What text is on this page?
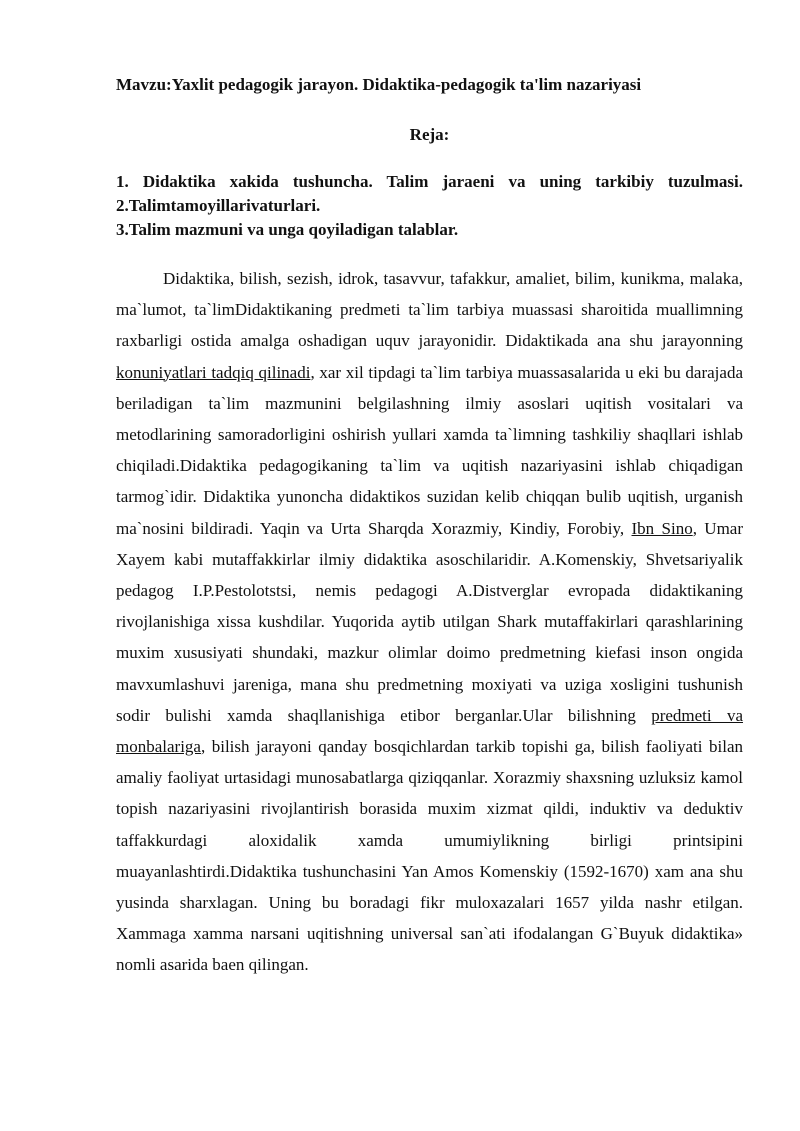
Mavzu:Yaxlit pedagogik jarayon. Didaktika-pedagogik ta'lim nazariyasi
Reja:
1. Didaktika xakida tushuncha. Talim jaraeni va uning tarkibiy tuzulmasi.
2.Talimtamoyillarivaturlari.
3.Talim mazmuni va unga qoyiladigan talablar.

Didaktika, bilish, sezish, idrok, tasavvur, tafakkur, amaliet, bilim, kunikma, malaka, ma`lumot, ta`limDidaktikaning predmeti ta`lim tarbiya muassasi sharoitida muallimning raxbarligi ostida amalga oshadigan uquv jarayonidir. Didaktikada ana shu jarayonning konuniyatlari tadqiq qilinadi, xar xil tipdagi ta`lim tarbiya muassasalarida u eki bu darajada beriladigan ta`lim mazmunini belgilashning ilmiy asoslari uqitish vositalari va metodlarining samoradorligini oshirish yullari xamda ta`limning tashkiliy shaqllari ishlab chiqiladi.Didaktika pedagogikaning ta`lim va uqitish nazariyasini ishlab chiqadigan tarmog`idir. Didaktika yunoncha didaktikos suzidan kelib chiqqan bulib uqitish, urganish ma`nosini bildiradi. Yaqin va Urta Sharqda Xorazmiy, Kindiy, Forobiy, Ibn Sino, Umar Xayem kabi mutaffakkirlar ilmiy didaktika asoschilaridir. A.Komenskiy, Shvetsariyalik pedagog I.P.Pestolotstsi, nemis pedagogi A.Distverglar evropada didaktikaning rivojlanishiga xissa kushdilar. Yuqorida aytib utilgan Shark mutaffakirlari qarashlarining muxim xususiyati shundaki, mazkur olimlar doimo predmetning kiefasi inson ongida mavxumlashuvi jareniga, mana shu predmetning moxiyati va uziga xosligini tushunish sodir bulishi xamda shaqllanishiga etibor berganlar.Ular bilishning predmeti va monbalariga, bilish jarayoni qanday bosqichlardan tarkib topishi ga, bilish faoliyati bilan amaliy faoliyat urtasidagi munosabatlarga qiziqqanlar. Xorazmiy shaxsning uzluksiz kamol topish nazariyasini rivojlantirish borasida muxim xizmat qildi, induktiv va deduktiv taffakkurdagi aloxidalik xamda umumiylikning birligi printsipini muayanlashtirdi.Didaktika tushunchasini Yan Amos Komenskiy (1592-1670) xam ana shu yusinda sharxlagan. Uning bu boradagi fikr muloxazalari 1657 yilda nashr etilgan. Xammaga xamma narsani uqitishning universal san`ati ifodalangan G`Buyuk didaktika» nomli asarida baen qilingan.
